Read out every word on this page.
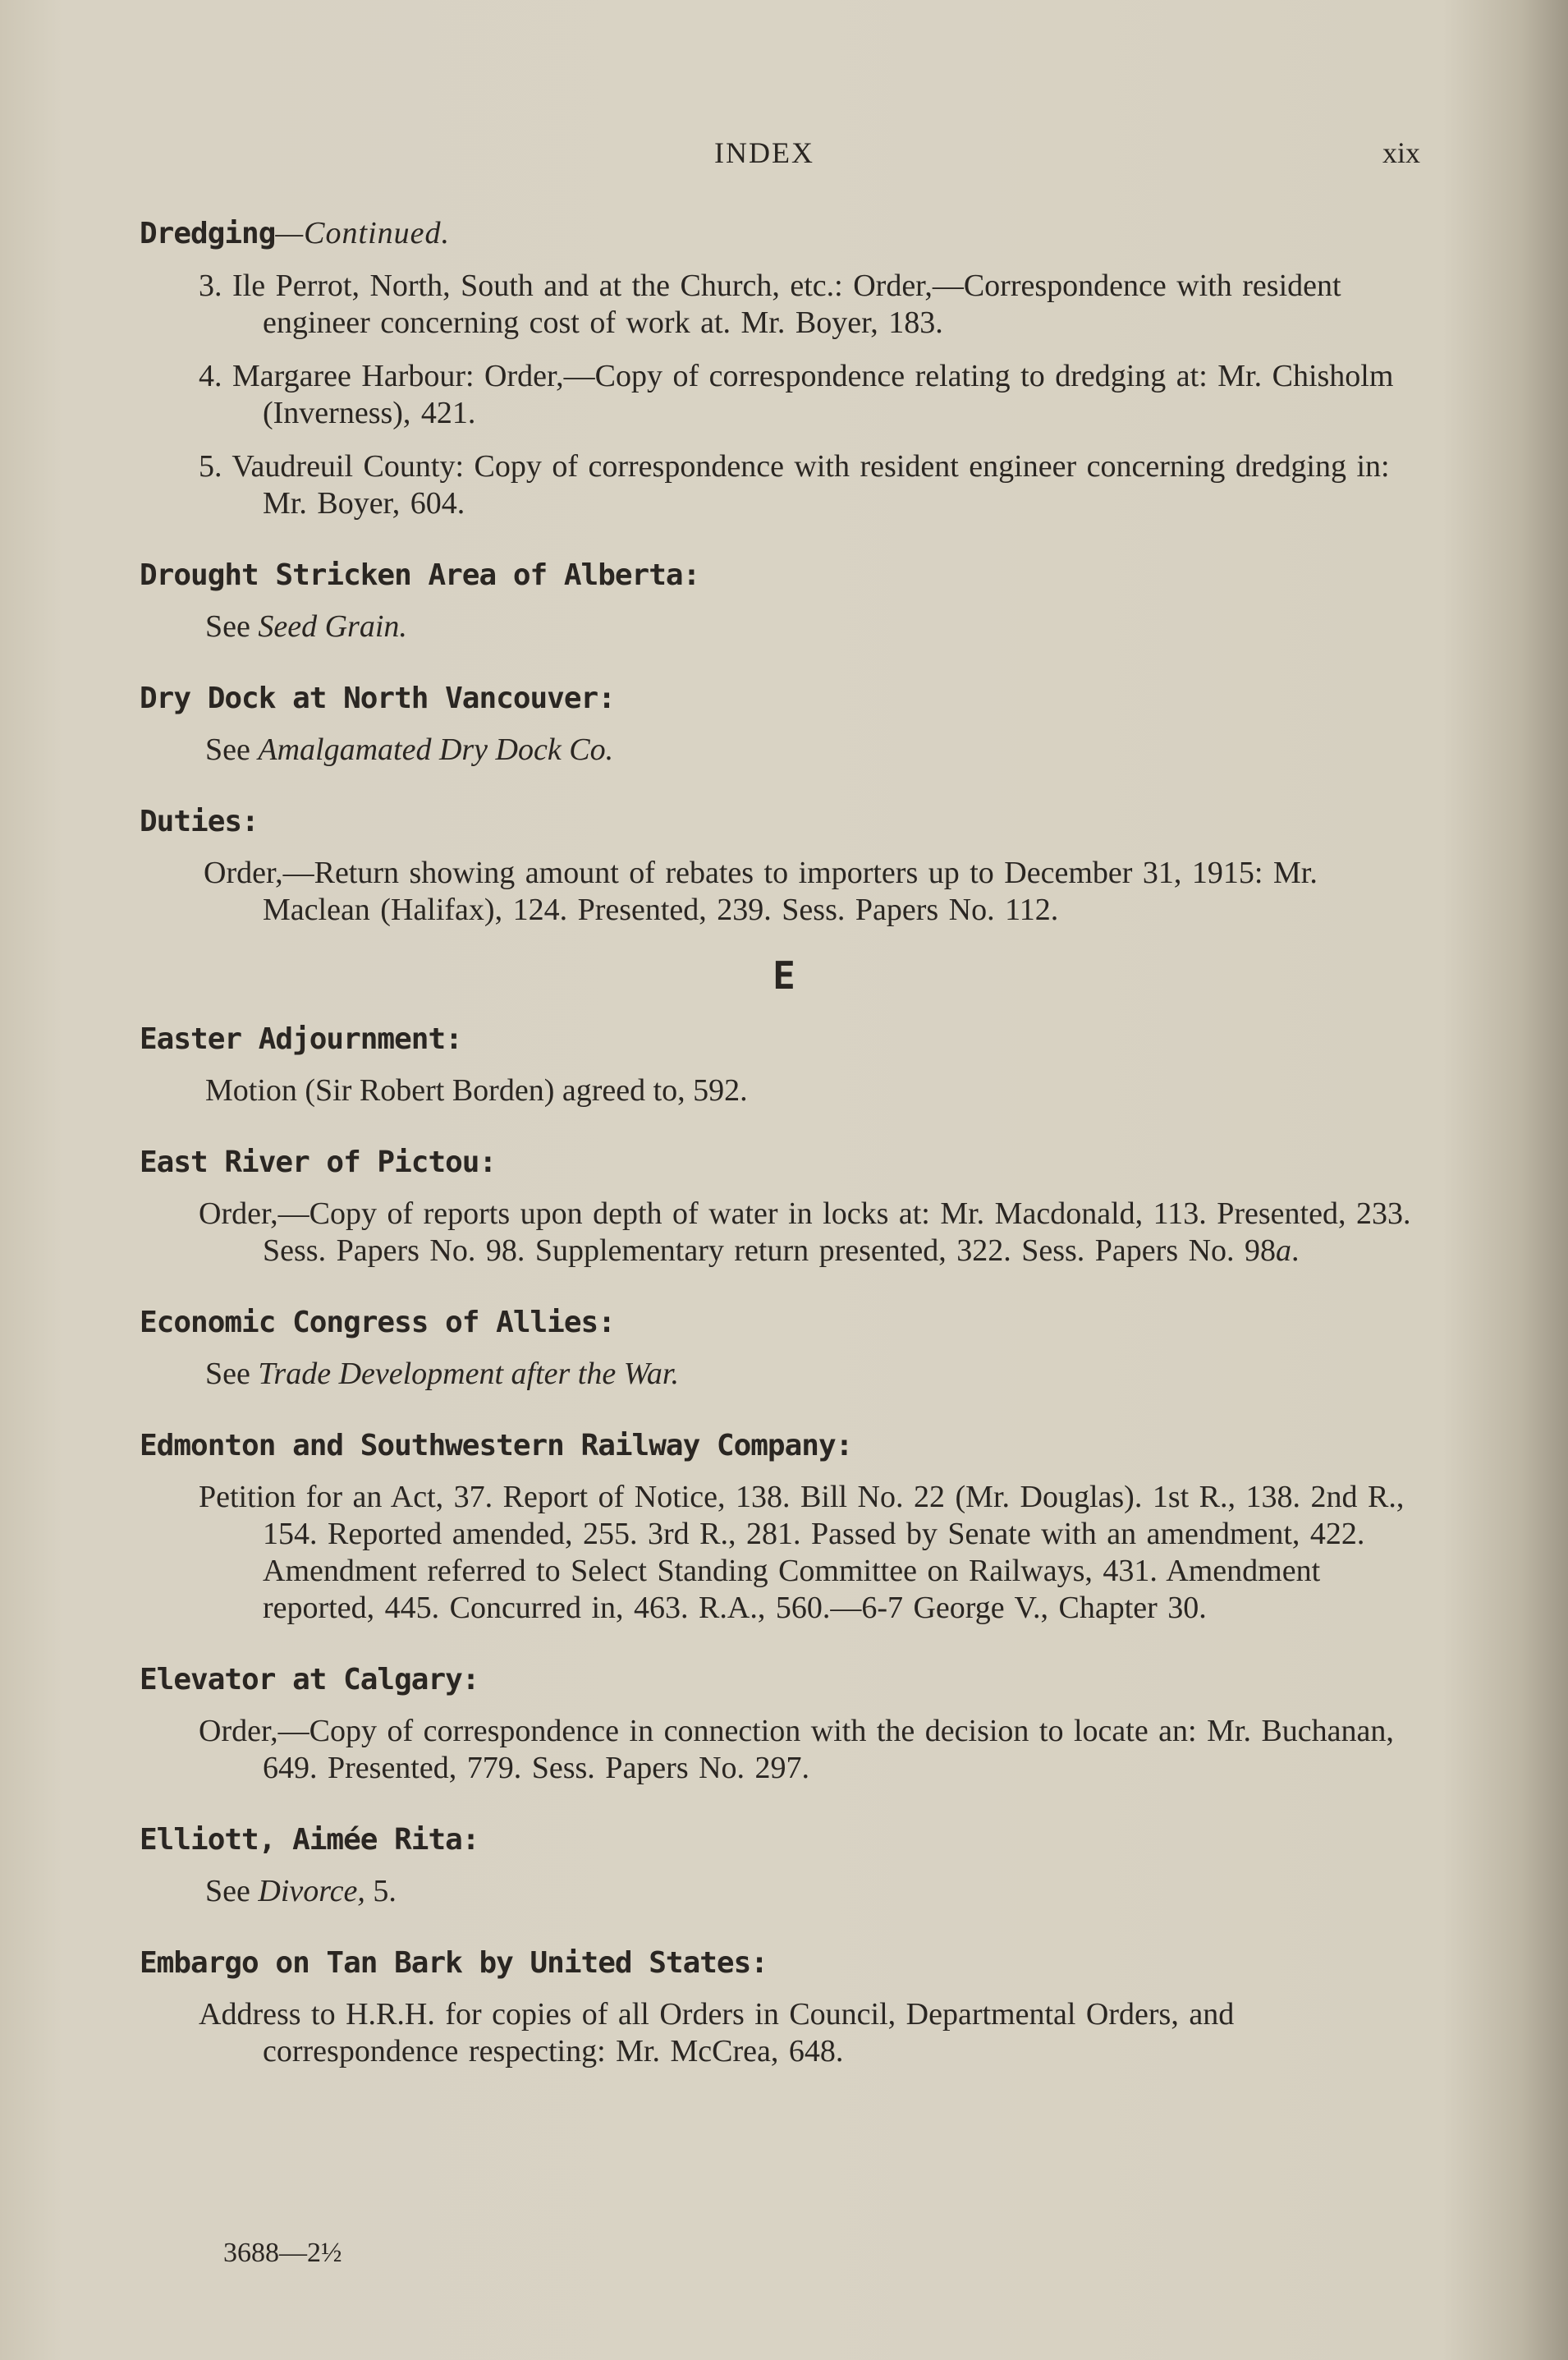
INDEX	xix

Dredging—Continued.

3. Ile Perrot, North, South and at the Church, etc.: Order,—Correspondence with resident engineer concerning cost of work at. Mr. Boyer, 183.

4. Margaree Harbour: Order,—Copy of correspondence relating to dredging at: Mr. Chisholm (Inverness), 421.

5. Vaudreuil County: Copy of correspondence with resident engineer concerning dredging in: Mr. Boyer, 604.

Drought Stricken Area of Alberta:

See Seed Grain.

Dry Dock at North Vancouver:

See Amalgamated Dry Dock Co.

Duties:

Order,—Return showing amount of rebates to importers up to December 31, 1915: Mr. Maclean (Halifax), 124. Presented, 239. Sess. Papers No. 112.

E

Easter Adjournment:

Motion (Sir Robert Borden) agreed to, 592.

East River of Pictou:

Order,—Copy of reports upon depth of water in locks at: Mr. Macdonald, 113. Presented, 233. Sess. Papers No. 98. Supplementary return presented, 322. Sess. Papers No. 98a.

Economic Congress of Allies:

See Trade Development after the War.

Edmonton and Southwestern Railway Company:

Petition for an Act, 37. Report of Notice, 138. Bill No. 22 (Mr. Douglas). 1st R., 138. 2nd R., 154. Reported amended, 255. 3rd R., 281. Passed by Senate with an amendment, 422. Amendment referred to Select Standing Committee on Railways, 431. Amendment reported, 445. Concurred in, 463. R.A., 560.—6-7 George V., Chapter 30.

Elevator at Calgary:

Order,—Copy of correspondence in connection with the decision to locate an: Mr. Buchanan, 649. Presented, 779. Sess. Papers No. 297.

Elliott, Aimée Rita:

See Divorce, 5.

Embargo on Tan Bark by United States:

Address to H.R.H. for copies of all Orders in Council, Departmental Orders, and correspondence respecting: Mr. McCrea, 648.

3688—2½
